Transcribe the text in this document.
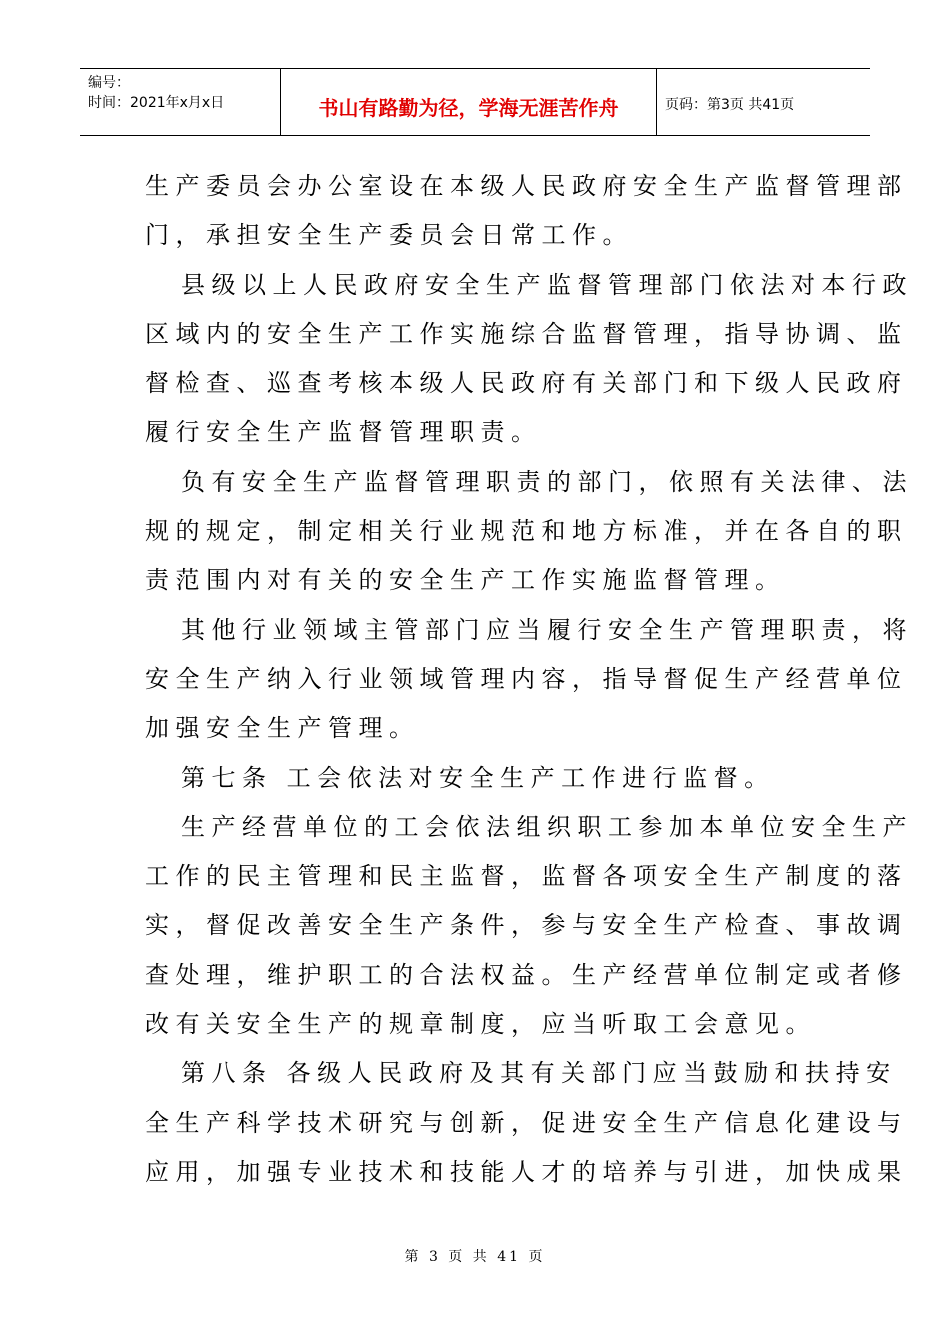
编号：
时间：2021年x月x日	书山有路勤为径，学海无涯苦作舟	页码：第3页 共41页
生产委员会办公室设在本级人民政府安全生产监督管理部
门，承担安全生产委员会日常工作。
县级以上人民政府安全生产监督管理部门依法对本行政
区域内的安全生产工作实施综合监督管理，指导协调、监
督检查、巡查考核本级人民政府有关部门和下级人民政府
履行安全生产监督管理职责。
负有安全生产监督管理职责的部门，依照有关法律、法
规的规定，制定相关行业规范和地方标准，并在各自的职
责范围内对有关的安全生产工作实施监督管理。
其他行业领域主管部门应当履行安全生产管理职责，将
安全生产纳入行业领域管理内容，指导督促生产经营单位
加强安全生产管理。
第七条 工会依法对安全生产工作进行监督。
生产经营单位的工会依法组织职工参加本单位安全生产
工作的民主管理和民主监督，监督各项安全生产制度的落
实，督促改善安全生产条件，参与安全生产检查、事故调
查处理，维护职工的合法权益。生产经营单位制定或者修
改有关安全生产的规章制度，应当听取工会意见。
第八条 各级人民政府及其有关部门应当鼓励和扶持安
全生产科学技术研究与创新，促进安全生产信息化建设与
应用，加强专业技术和技能人才的培养与引进，加快成果
第 3 页 共 41 页
